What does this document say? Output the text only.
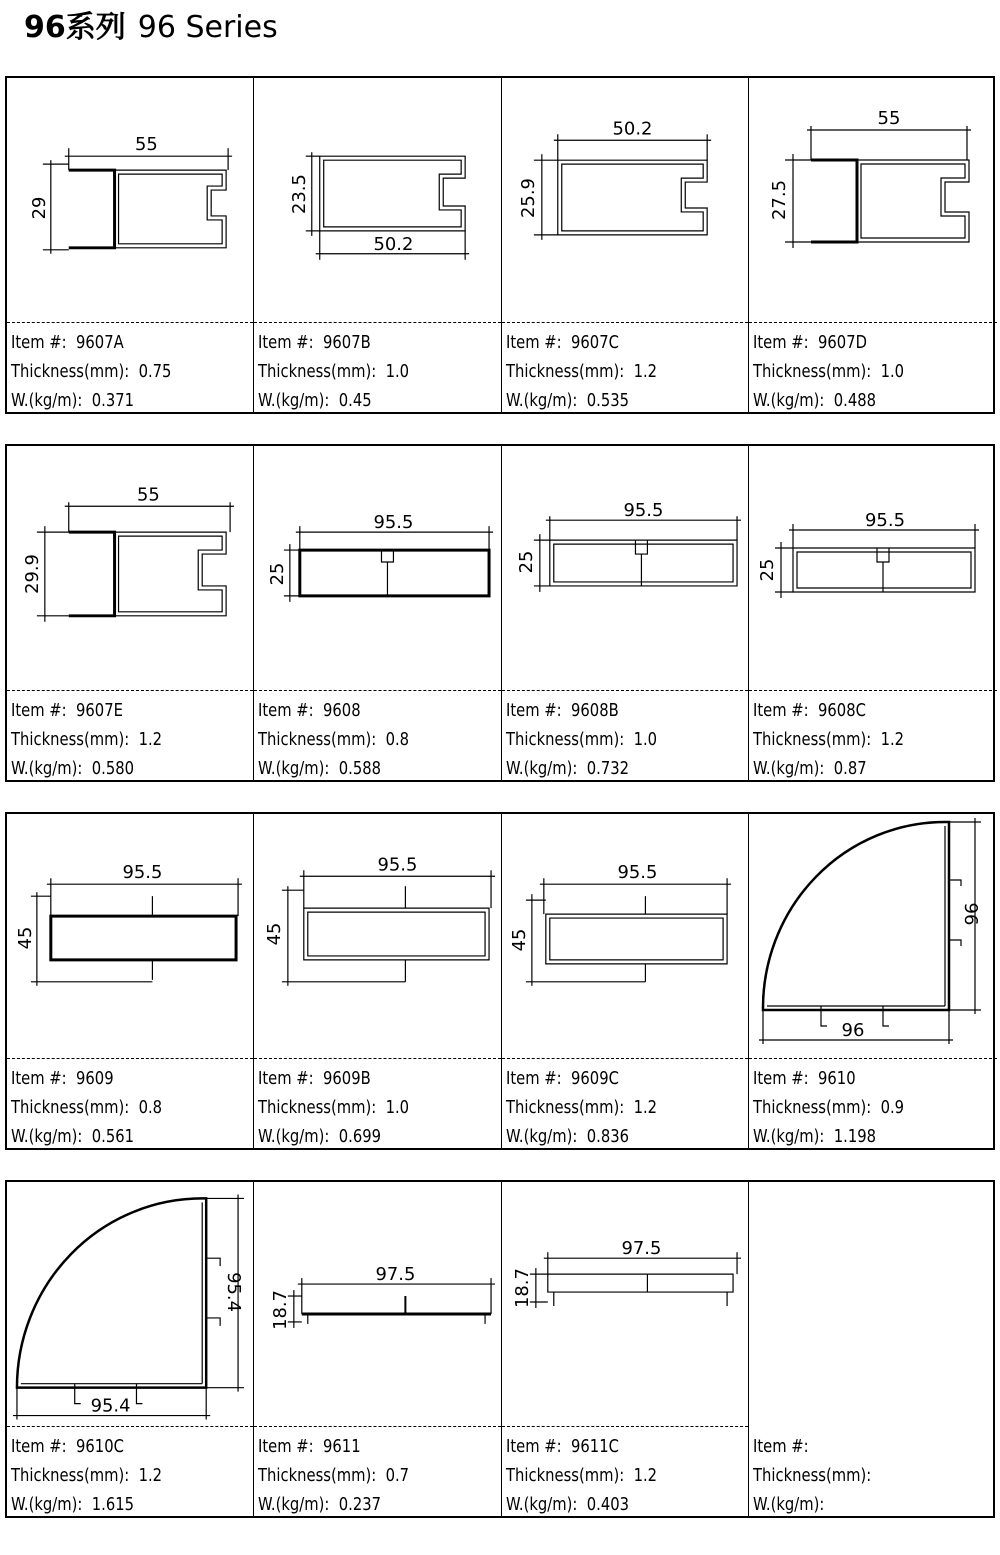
96系列 96 Series
55
29
Item #: 9607A
Thickness(mm): 0.75
W.(kg/m): 0.371
50.2
23.5
Item #: 9607B
Thickness(mm): 1.0
W.(kg/m): 0.45
50.2
25.9
Item #: 9607C
Thickness(mm): 1.2
W.(kg/m): 0.535
55
27.5
Item #: 9607D
Thickness(mm): 1.0
W.(kg/m): 0.488
55
29.9
Item #: 9607E
Thickness(mm): 1.2
W.(kg/m): 0.580
95.5
25
Item #: 9608
Thickness(mm): 0.8
W.(kg/m): 0.588
95.5
25
Item #: 9608B
Thickness(mm): 1.0
W.(kg/m): 0.732
95.5
25
Item #: 9608C
Thickness(mm): 1.2
W.(kg/m): 0.87
95.5
45
Item #: 9609
Thickness(mm): 0.8
W.(kg/m): 0.561
95.5
45
Item #: 9609B
Thickness(mm): 1.0
W.(kg/m): 0.699
95.5
45
Item #: 9609C
Thickness(mm): 1.2
W.(kg/m): 0.836
96
96
Item #: 9610
Thickness(mm): 0.9
W.(kg/m): 1.198
95.4
95.4
Item #: 9610C
Thickness(mm): 1.2
W.(kg/m): 1.615
97.5
18.7
Item #: 9611
Thickness(mm): 0.7
W.(kg/m): 0.237
97.5
18.7
Item #: 9611C
Thickness(mm): 1.2
W.(kg/m): 0.403
Item #:
Thickness(mm):
W.(kg/m):
